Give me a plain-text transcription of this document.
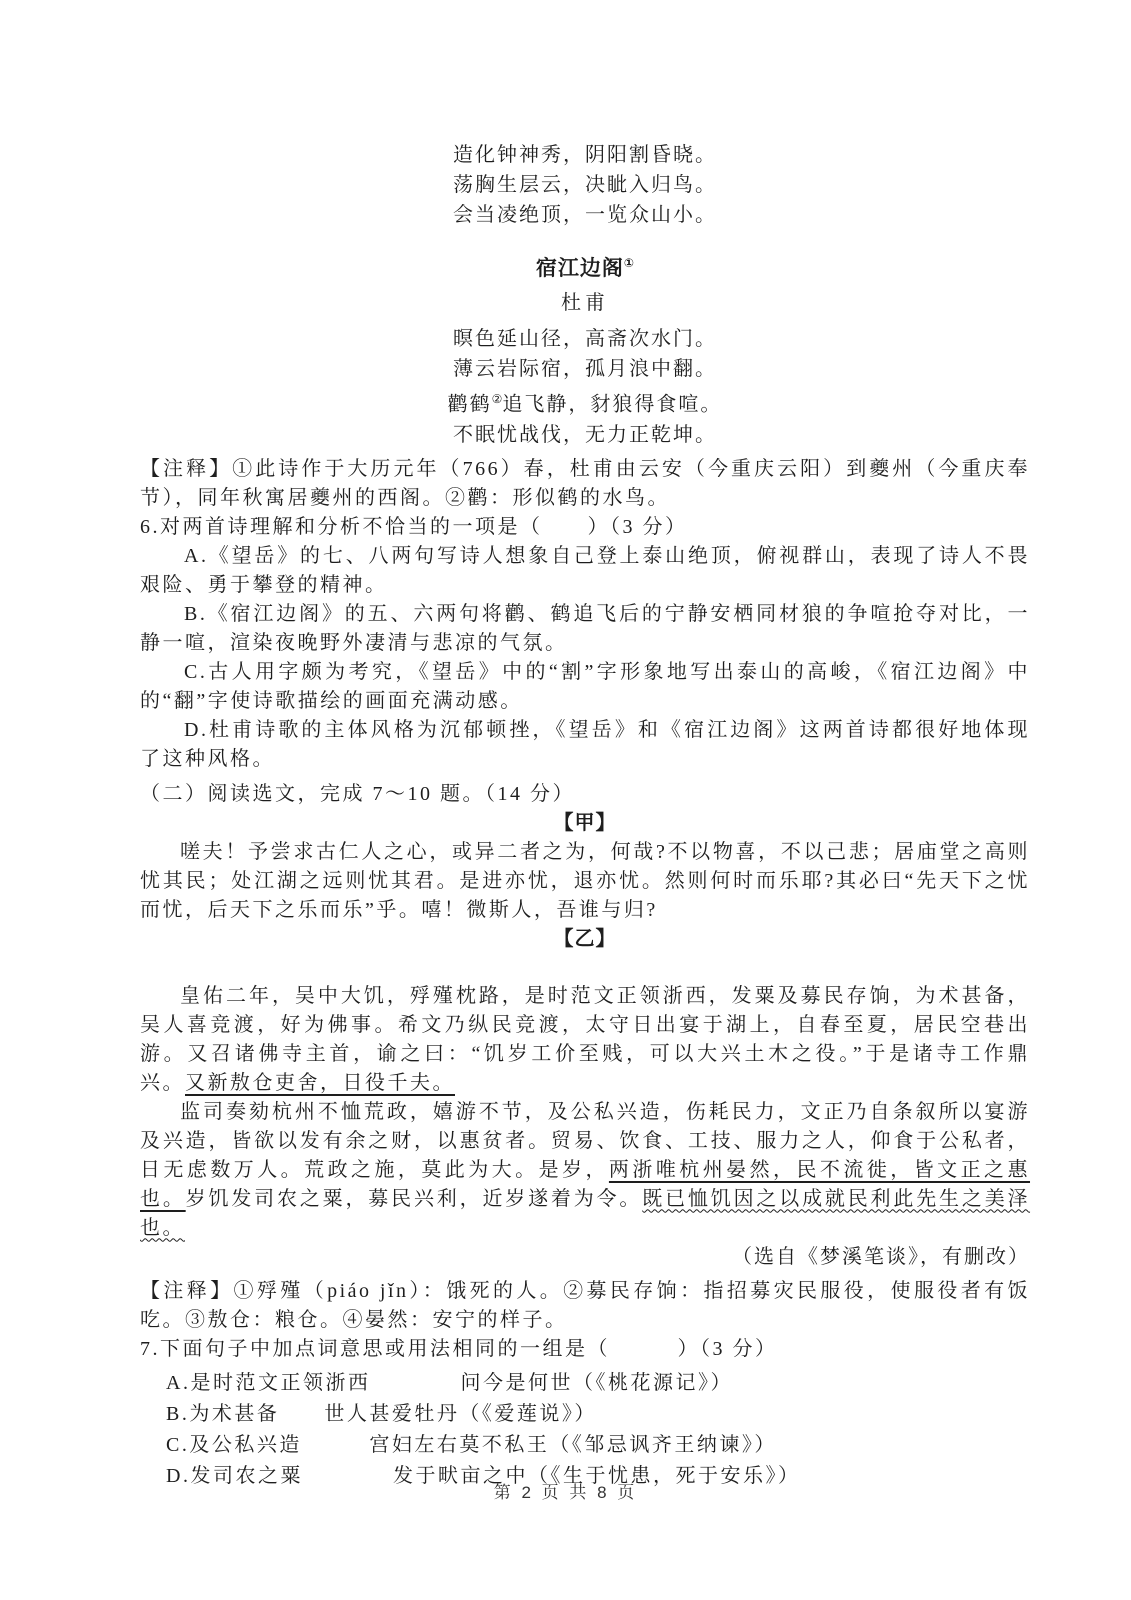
造化钟神秀，阴阳割昏晓。
荡胸生层云，决眦入归鸟。
会当凌绝顶，一览众山小。
宿江边阁①
杜甫
暝色延山径，高斋次水门。
薄云岩际宿，孤月浪中翻。
鹳鹤②追飞静，豺狼得食喧。
不眠忧战伐，无力正乾坤。

【注释】①此诗作于大历元年（766）春，杜甫由云安（今重庆云阳）到夔州（今重庆奉节），同年秋寓居夔州的西阁。②鹳：形似鹤的水鸟。

6.对两首诗理解和分析不恰当的一项是（　　）（3 分）

A.《望岳》的七、八两句写诗人想象自己登上泰山绝顶，俯视群山，表现了诗人不畏艰险、勇于攀登的精神。

B.《宿江边阁》的五、六两句将鹳、鹤追飞后的宁静安栖同材狼的争喧抢夺对比，一静一喧，渲染夜晚野外凄清与悲凉的气氛。

C.古人用字颇为考究，《望岳》中的“割”字形象地写出泰山的高峻，《宿江边阁》中的“翻”字使诗歌描绘的画面充满动感。

D.杜甫诗歌的主体风格为沉郁顿挫，《望岳》和《宿江边阁》这两首诗都很好地体现了这种风格。

（二）阅读选文，完成 7～10 题。（14 分）

【甲】

嗟夫！予尝求古仁人之心，或异二者之为，何哉?不以物喜，不以己悲；居庙堂之高则忧其民；处江湖之远则忧其君。是进亦忧，退亦忧。然则何时而乐耶?其必曰“先天下之忧而忧，后天下之乐而乐”乎。嘻！微斯人，吾谁与归?

【乙】

皇佑二年，吴中大饥，殍殣枕路，是时范文正领浙西，发粟及募民存饷，为术甚备，吴人喜竞渡，好为佛事。希文乃纵民竞渡，太守日出宴于湖上，自春至夏，居民空巷出游。又召诸佛寺主首，谕之曰：“饥岁工价至贱，可以大兴土木之役。”于是诸寺工作鼎兴。又新敖仓吏舍，日役千夫。

监司奏劾杭州不恤荒政，嬉游不节，及公私兴造，伤耗民力，文正乃自条叙所以宴游及兴造，皆欲以发有余之财，以惠贫者。贸易、饮食、工技、服力之人，仰食于公私者，日无虑数万人。荒政之施，莫此为大。是岁，两浙唯杭州晏然，民不流徙，皆文正之惠也。岁饥发司农之粟，募民兴利，近岁遂着为令。既已恤饥因之以成就民利此先生之美泽也。

（选自《梦溪笔谈》，有删改）

【注释】①殍殣（piáo jǐn）：饿死的人。②募民存饷：指招募灾民服役，使服役者有饭吃。③敖仓：粮仓。④晏然：安宁的样子。

7.下面句子中加点词意思或用法相同的一组是（　　　）（3 分）

A.是时范文正领浙西　　　　问今是何世（《桃花源记》）

B.为术甚备　　世人甚爱牡丹（《爱莲说》）

C.及公私兴造　　　宫妇左右莫不私王（《邹忌讽齐王纳谏》）

D.发司农之粟　　　　发于畎亩之中（《生于忧患，死于安乐》）

第 2 页 共 8 页
